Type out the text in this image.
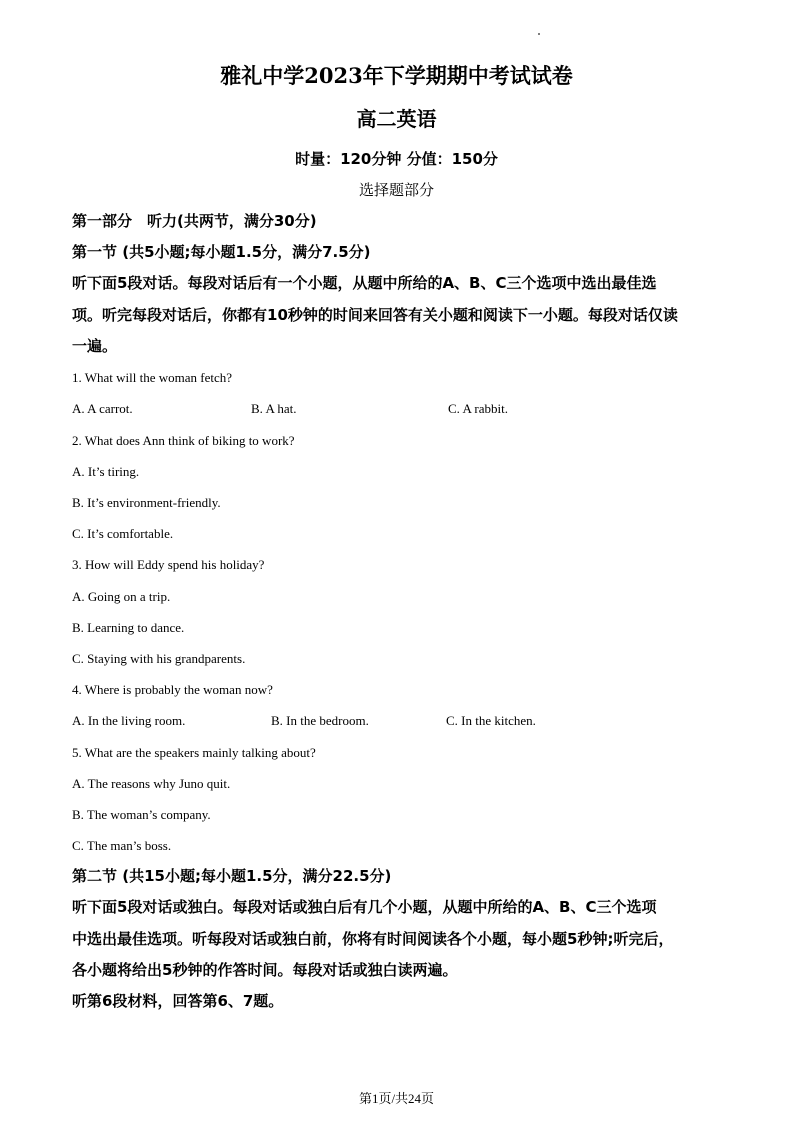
雅礼中学2023年下学期期中考试试卷
高二英语
时量：120分钟 分值：150分
选择题部分
第一部分　听力(共两节，满分30分)
第一节 (共5小题;每小题1.5分，满分7.5分)
听下面5段对话。每段对话后有一个小题，从题中所给的A、B、C三个选项中选出最佳选
项。听完每段对话后，你都有10秒钟的时间来回答有关小题和阅读下一小题。每段对话仅读
一遍。
1. What will the woman fetch?
A. A carrot.	B. A hat.	C. A rabbit.
2. What does Ann think of biking to work?
A. It’s tiring.
B. It’s environment-friendly.
C. It’s comfortable.
3. How will Eddy spend his holiday?
A. Going on a trip.
B. Learning to dance.
C. Staying with his grandparents.
4. Where is probably the woman now?
A. In the living room.	B. In the bedroom.	C. In the kitchen.
5. What are the speakers mainly talking about?
A. The reasons why Juno quit.
B. The woman’s company.
C. The man’s boss.
第二节 (共15小题;每小题1.5分，满分22.5分)
听下面5段对话或独白。每段对话或独白后有几个小题，从题中所给的A、B、C三个选项
中选出最佳选项。听每段对话或独白前，你将有时间阅读各个小题，每小题5秒钟;听完后，
各小题将给出5秒钟的作答时间。每段对话或独白读两遍。
听第6段材料，回答第6、7题。
第1页/共24页
